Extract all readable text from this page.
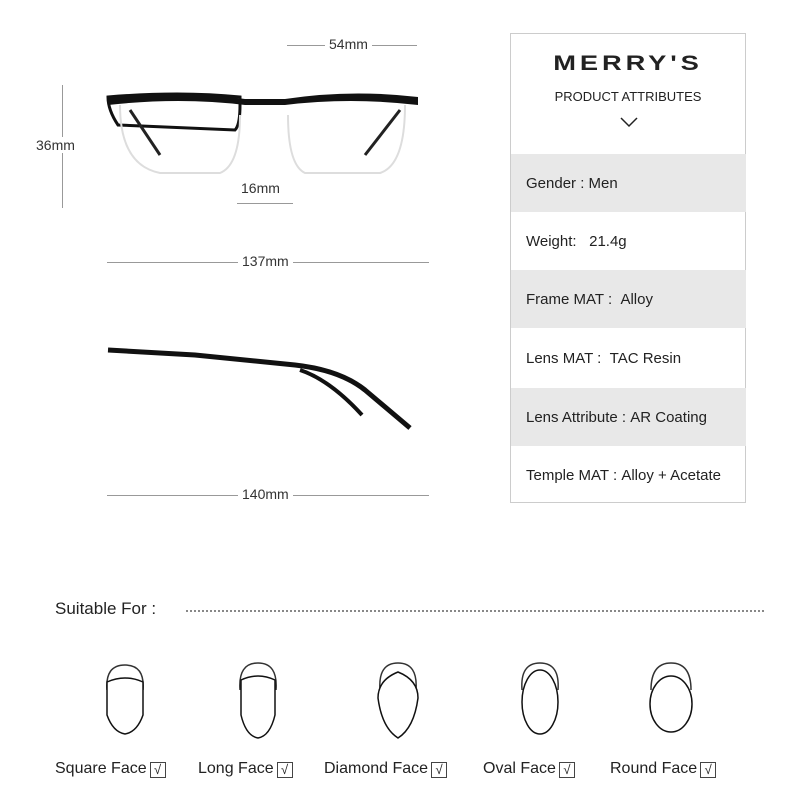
54mm
36mm
16mm
137mm
140mm
MERRY'S
PRODUCT ATTRIBUTES
Gender :
Men
Weight:
21.4g
Frame MAT :
Alloy
Lens MAT :
TAC Resin
Lens Attribute :
AR Coating
Temple MAT :
Alloy + Acetate
Suitable For :
Square Face √ Long Face √ Diamond Face √	Oval Face √ Round Face √
